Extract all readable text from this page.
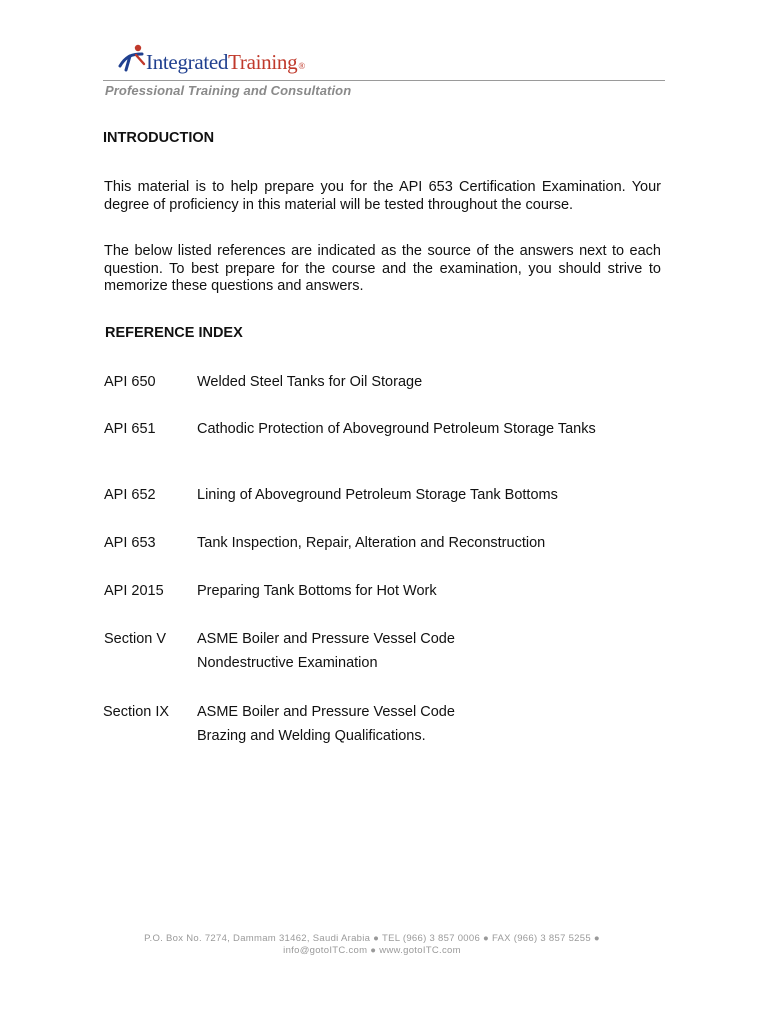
IntegratedTraining®
Professional Training and Consultation
INTRODUCTION

This material is to help prepare you for the API 653 Certification Examination. Your degree of proficiency in this material will be tested throughout the course.

The below listed references are indicated as the source of the answers next to each question. To best prepare for the course and the examination, you should strive to memorize these questions and answers.

REFERENCE INDEX
API 650	Welded Steel Tanks for Oil Storage
API 651	Cathodic Protection of Aboveground Petroleum Storage Tanks

API 652	Lining of Aboveground Petroleum Storage Tank Bottoms
API 653	Tank Inspection, Repair, Alteration and Reconstruction
API 2015 Preparing Tank Bottoms for Hot Work
Section V ASME Boiler and Pressure Vessel Code
Nondestructive Examination
Section IX ASME Boiler and Pressure Vessel Code
Brazing and Welding Qualifications.
P.O. Box No. 7274, Dammam 31462, Saudi Arabia ● TEL (966) 3 857 0006 ● FAX (966) 3 857 5255 ●
info@gotoITC.com ● www.gotoITC.com
